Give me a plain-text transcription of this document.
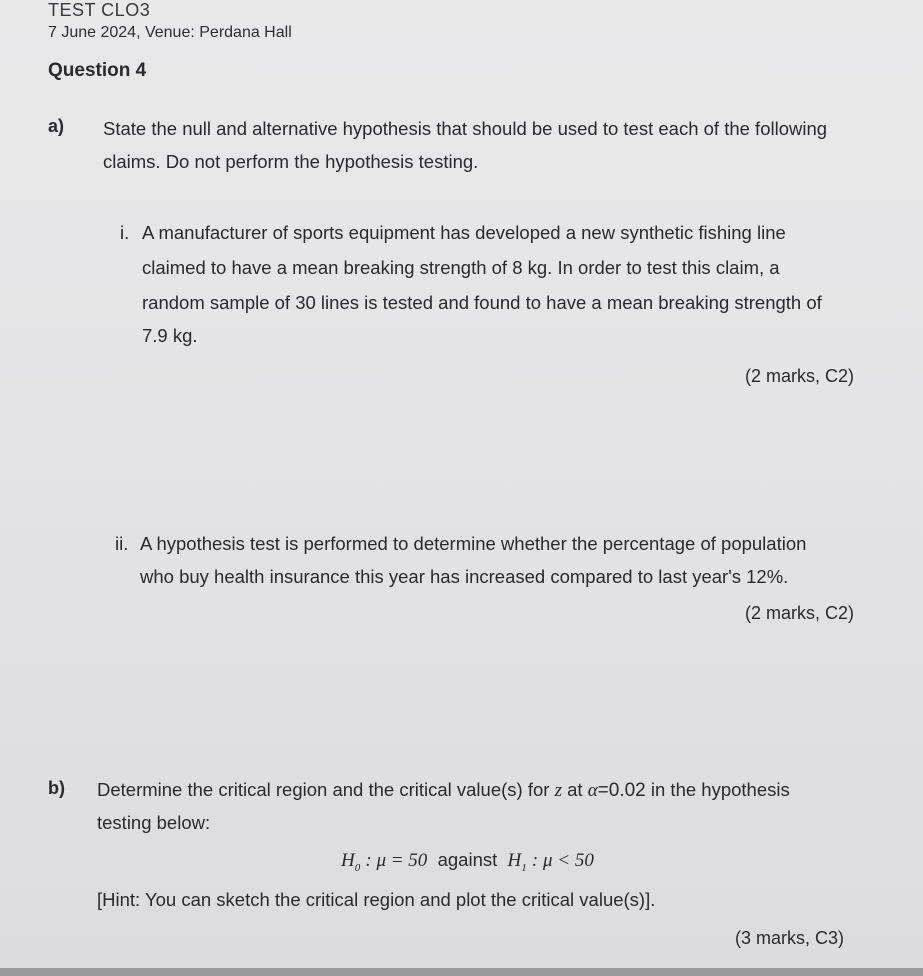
TEST CLO3
7 June 2024, Venue: Perdana Hall
Question 4
a) State the null and alternative hypothesis that should be used to test each of the following
claims. Do not perform the hypothesis testing.
i. A manufacturer of sports equipment has developed a new synthetic fishing line
claimed to have a mean breaking strength of 8 kg. In order to test this claim, a
random sample of 30 lines is tested and found to have a mean breaking strength of
7.9 kg.
(2 marks, C2)
ii. A hypothesis test is performed to determine whether the percentage of population
who buy health insurance this year has increased compared to last year's 12%.
(2 marks, C2)
b) Determine the critical region and the critical value(s) for z at α=0.02 in the hypothesis
testing below:
$H_0$ : μ = 50 against $H_1$ : μ < 50
[Hint: You can sketch the critical region and plot the critical value(s)].
(3 marks, C3)
